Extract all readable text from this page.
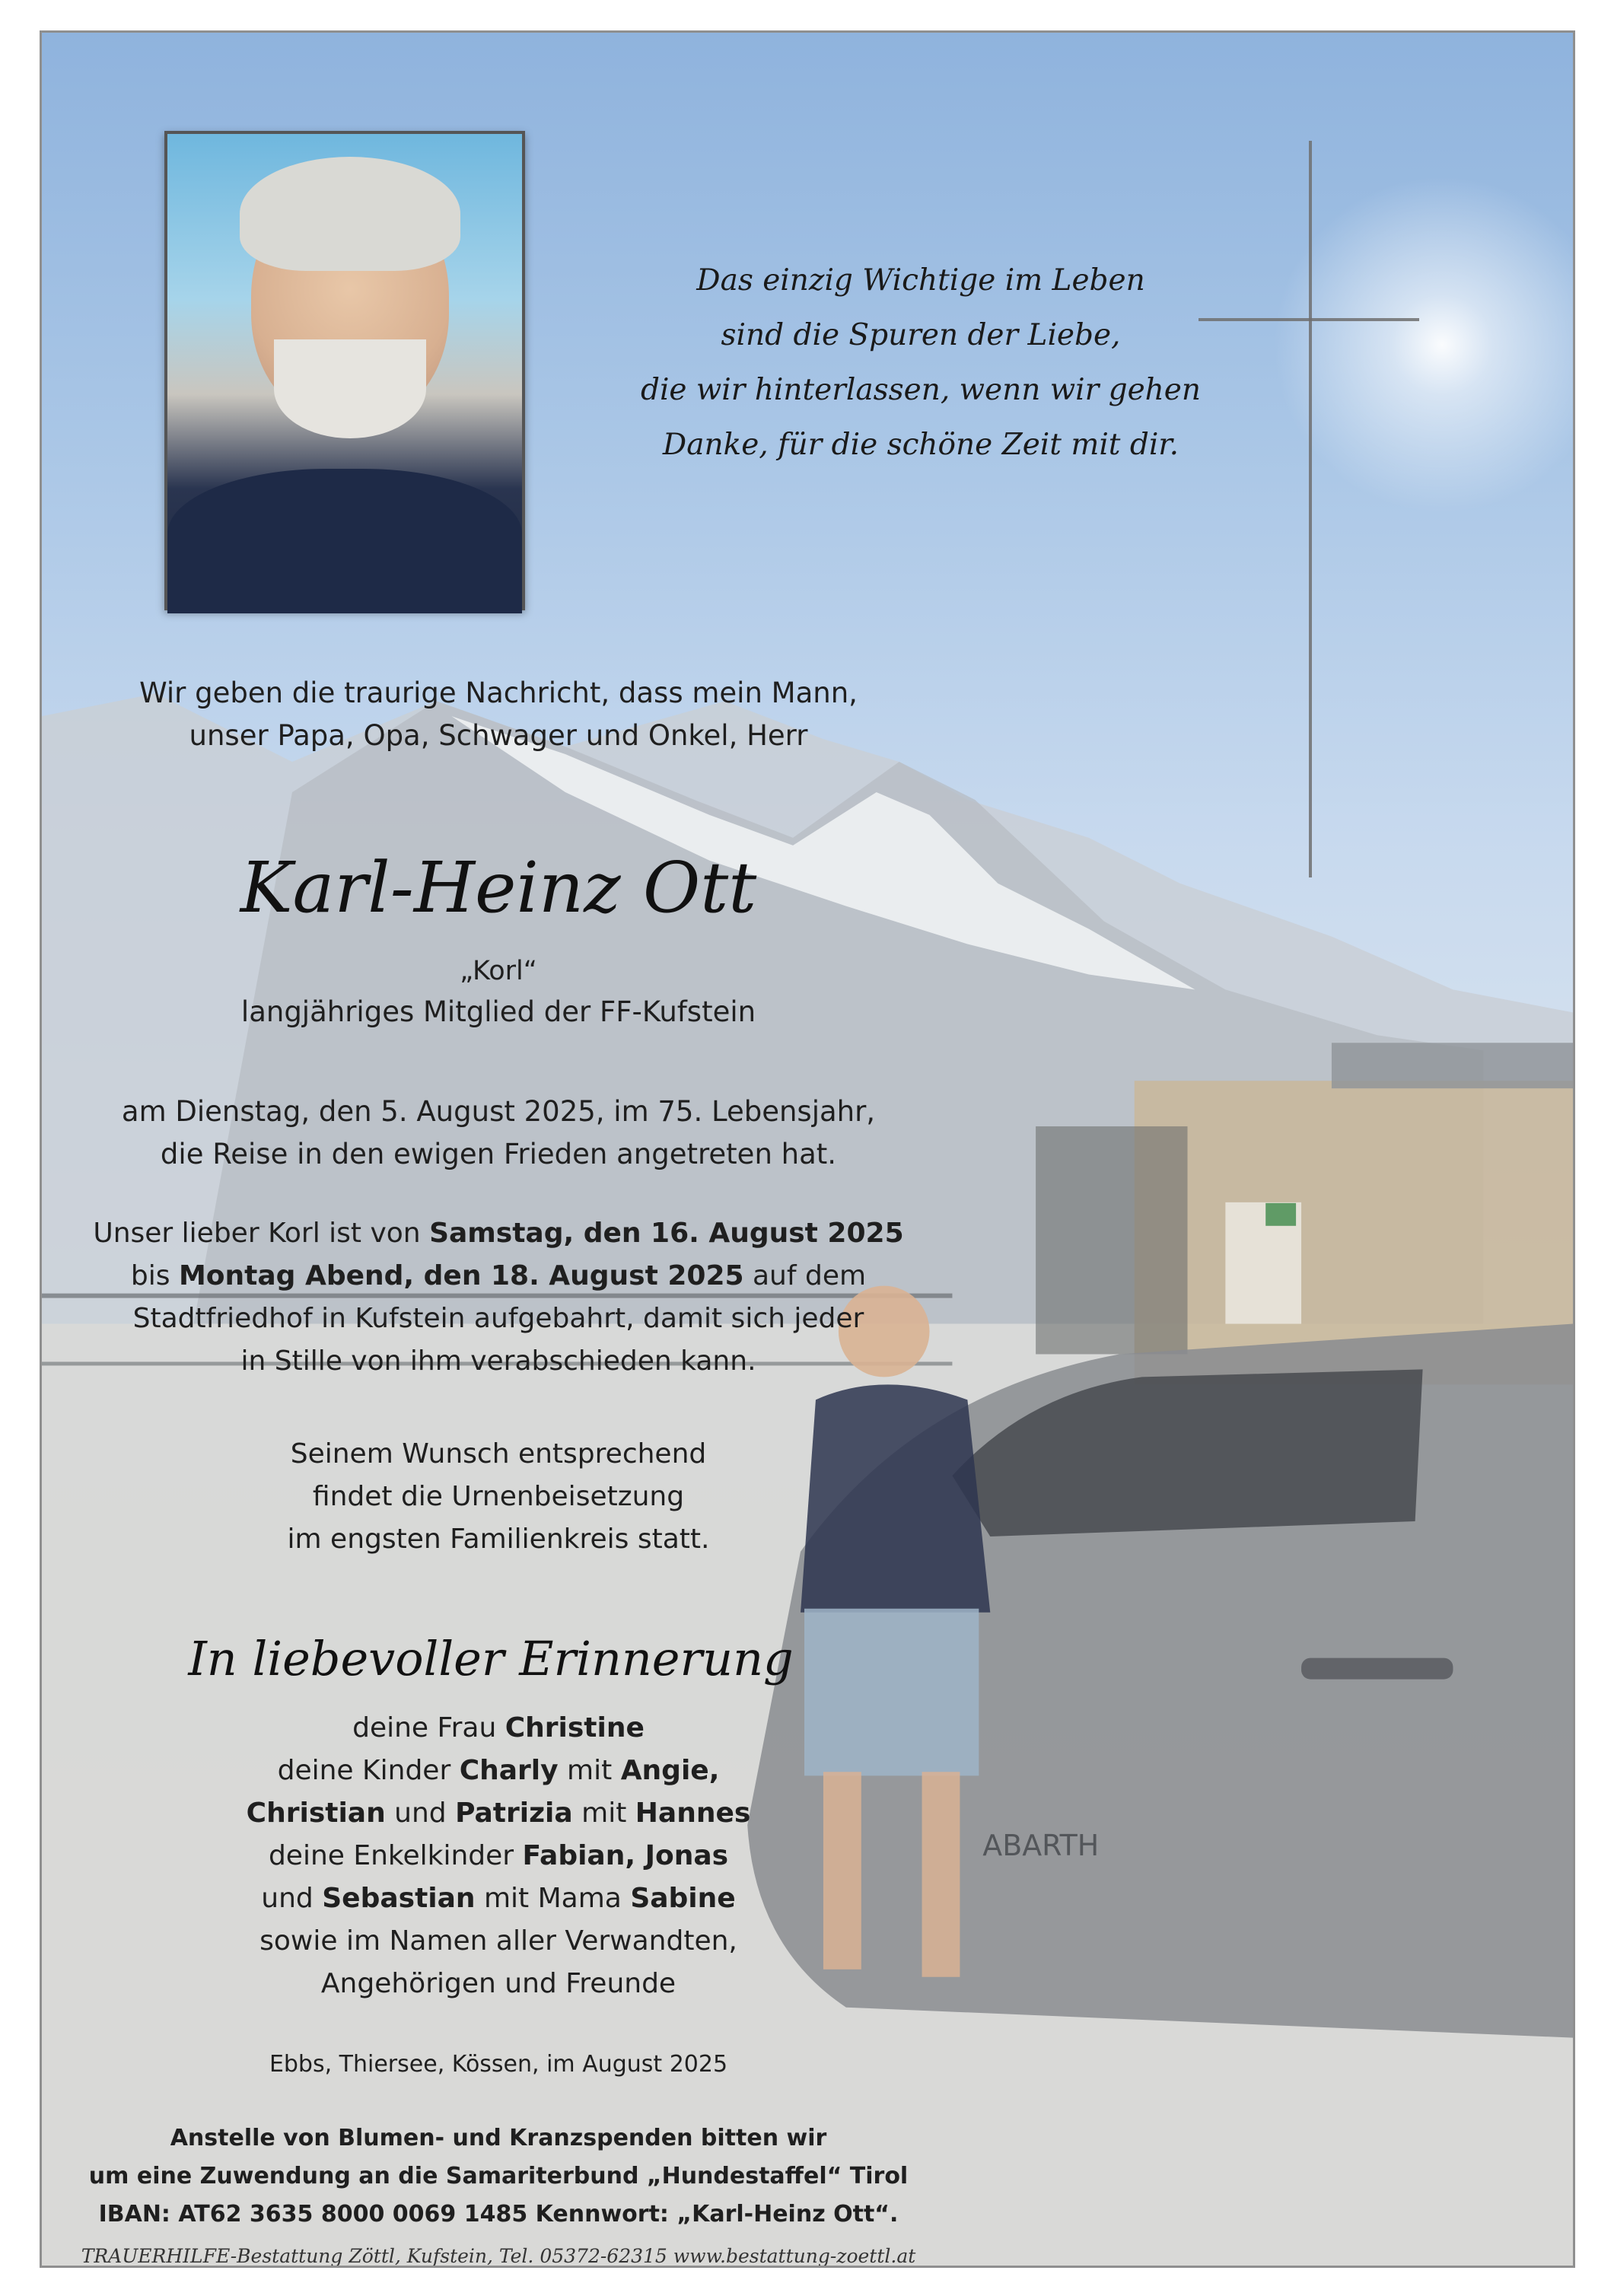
ABARTH
Das einzig Wichtige im Leben
sind die Spuren der Liebe,
die wir hinterlassen, wenn wir gehen
Danke, für die schöne Zeit mit dir.
Wir geben die traurige Nachricht, dass mein Mann,
unser Papa, Opa, Schwager und Onkel, Herr
Karl-Heinz Ott
„Korl“
langjähriges Mitglied der FF-Kufstein
am Dienstag, den 5. August 2025, im 75. Lebensjahr,
die Reise in den ewigen Frieden angetreten hat.
Unser lieber Korl ist von Samstag, den 16. August 2025
bis Montag Abend, den 18. August 2025 auf dem
Stadtfriedhof in Kufstein aufgebahrt, damit sich jeder
in Stille von ihm verabschieden kann.
Seinem Wunsch entsprechend
findet die Urnenbeisetzung
im engsten Familienkreis statt.
In liebevoller Erinnerung
deine Frau Christine
deine Kinder Charly mit Angie,
Christian und Patrizia mit Hannes
deine Enkelkinder Fabian, Jonas
und Sebastian mit Mama Sabine
sowie im Namen aller Verwandten,
Angehörigen und Freunde
Ebbs, Thiersee, Kössen, im August 2025
Anstelle von Blumen- und Kranzspenden bitten wir
um eine Zuwendung an die Samariterbund „Hundestaffel“ Tirol
IBAN: AT62 3635 8000 0069 1485 Kennwort: „Karl-Heinz Ott“.
TRAUERHILFE-Bestattung Zöttl, Kufstein, Tel. 05372-62315 www.bestattung-zoettl.at
